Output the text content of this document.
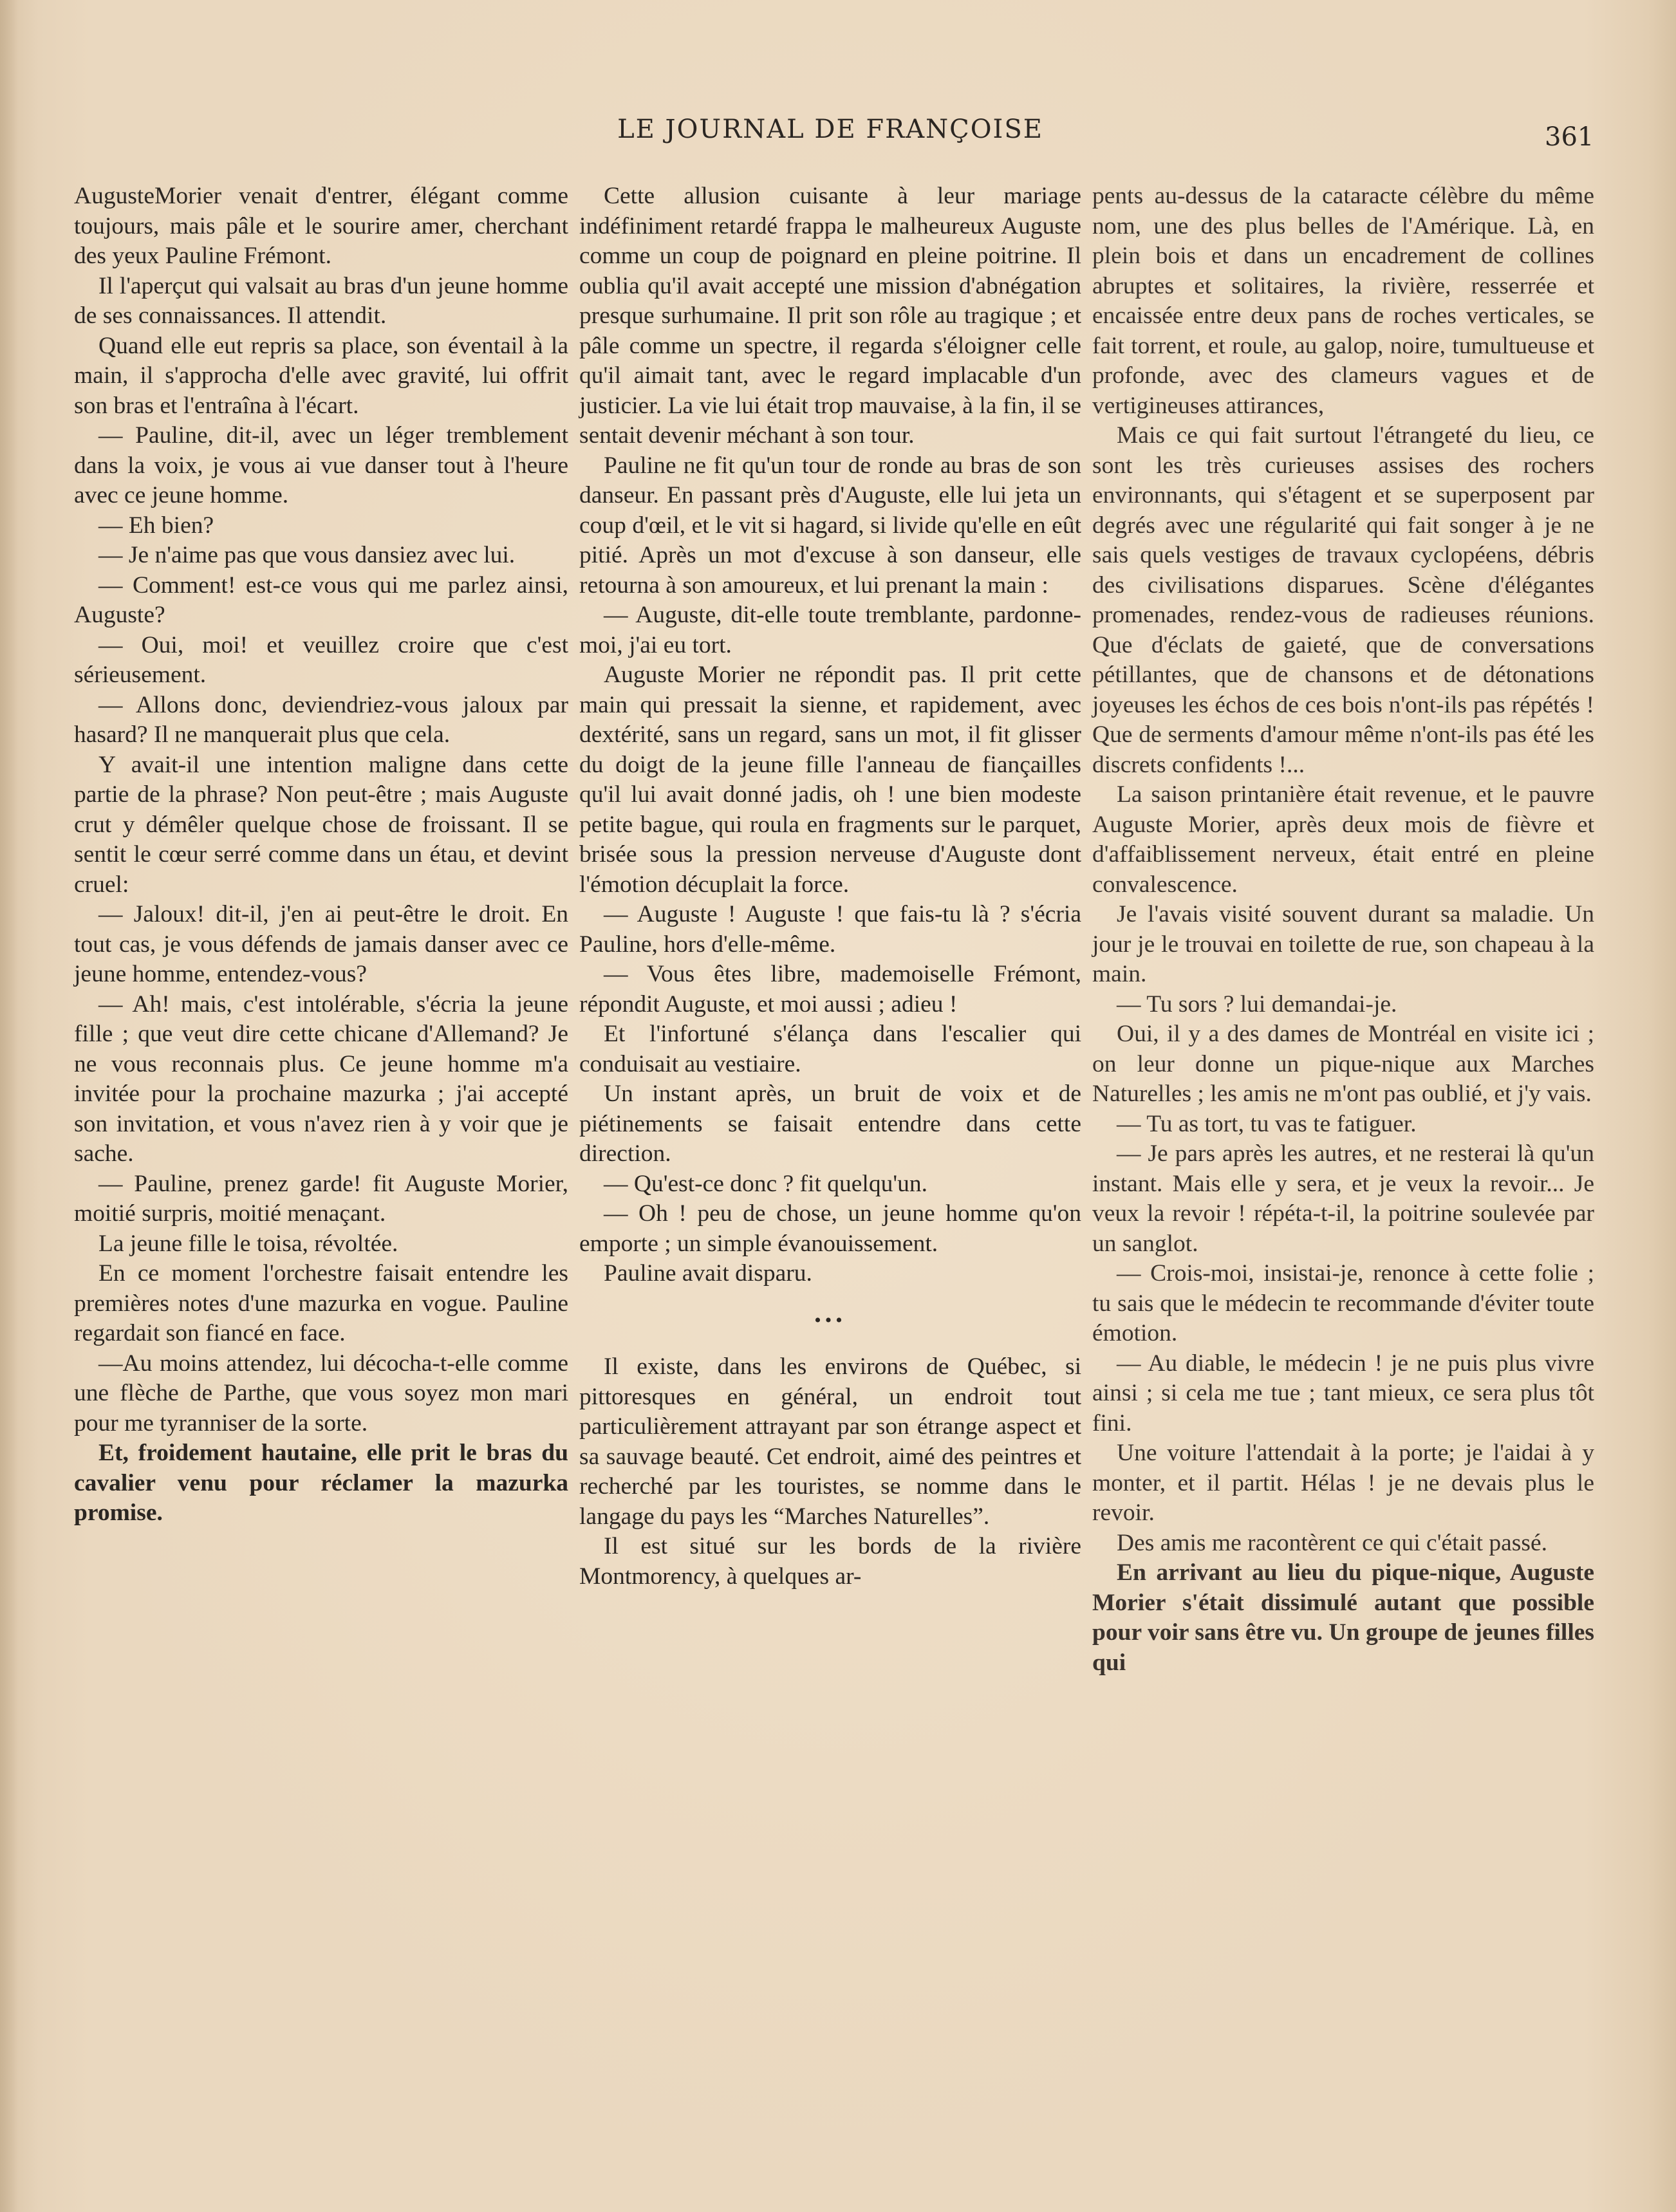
LE JOURNAL DE FRANÇOISE	361

AugusteMorier venait d'entrer, élégant comme toujours, mais pâle et le sourire amer, cherchant des yeux Pauline Frémont.

Il l'aperçut qui valsait au bras d'un jeune homme de ses connaissances. Il attendit.

Quand elle eut repris sa place, son éventail à la main, il s'approcha d'elle avec gravité, lui offrit son bras et l'entraîna à l'écart.

— Pauline, dit-il, avec un léger tremblement dans la voix, je vous ai vue danser tout à l'heure avec ce jeune homme.

— Eh bien?

— Je n'aime pas que vous dansiez avec lui.

— Comment! est-ce vous qui me parlez ainsi, Auguste?

— Oui, moi! et veuillez croire que c'est sérieusement.

— Allons donc, deviendriez-vous jaloux par hasard? Il ne manquerait plus que cela.

Y avait-il une intention maligne dans cette partie de la phrase? Non peut-être ; mais Auguste crut y démêler quelque chose de froissant. Il se sentit le cœur serré comme dans un étau, et devint cruel:

— Jaloux! dit-il, j'en ai peut-être le droit. En tout cas, je vous défends de jamais danser avec ce jeune homme, entendez-vous?

— Ah! mais, c'est intolérable, s'écria la jeune fille ; que veut dire cette chicane d'Allemand? Je ne vous reconnais plus. Ce jeune homme m'a invitée pour la prochaine mazurka ; j'ai accepté son invitation, et vous n'avez rien à y voir que je sache.

— Pauline, prenez garde! fit Auguste Morier, moitié surpris, moitié menaçant.

La jeune fille le toisa, révoltée.

En ce moment l'orchestre faisait entendre les premières notes d'une mazurka en vogue. Pauline regardait son fiancé en face.

—Au moins attendez, lui décocha-t-elle comme une flèche de Parthe, que vous soyez mon mari pour me tyranniser de la sorte.

Et, froidement hautaine, elle prit le bras du cavalier venu pour réclamer la mazurka promise.

Cette allusion cuisante à leur mariage indéfiniment retardé frappa le malheureux Auguste comme un coup de poignard en pleine poitrine. Il oublia qu'il avait accepté une mission d'abnégation presque surhumaine. Il prit son rôle au tragique ; et pâle comme un spectre, il regarda s'éloigner celle qu'il aimait tant, avec le regard implacable d'un justicier. La vie lui était trop mauvaise, à la fin, il se sentait devenir méchant à son tour.

Pauline ne fit qu'un tour de ronde au bras de son danseur. En passant près d'Auguste, elle lui jeta un coup d'œil, et le vit si hagard, si livide qu'elle en eût pitié. Après un mot d'excuse à son danseur, elle retourna à son amoureux, et lui prenant la main :

— Auguste, dit-elle toute tremblante, pardonne-moi, j'ai eu tort.

Auguste Morier ne répondit pas. Il prit cette main qui pressait la sienne, et rapidement, avec dextérité, sans un regard, sans un mot, il fit glisser du doigt de la jeune fille l'anneau de fiançailles qu'il lui avait donné jadis, oh ! une bien modeste petite bague, qui roula en fragments sur le parquet, brisée sous la pression nerveuse d'Auguste dont l'émotion décuplait la force.

— Auguste ! Auguste ! que fais-tu là ? s'écria Pauline, hors d'elle-même.

— Vous êtes libre, mademoiselle Frémont, répondit Auguste, et moi aussi ; adieu !

Et l'infortuné s'élança dans l'escalier qui conduisait au vestiaire.

Un instant après, un bruit de voix et de piétinements se faisait entendre dans cette direction.

— Qu'est-ce donc ? fit quelqu'un.

— Oh ! peu de chose, un jeune homme qu'on emporte ; un simple évanouissement.

Pauline avait disparu.

•••

Il existe, dans les environs de Québec, si pittoresques en général, un endroit tout particulièrement attrayant par son étrange aspect et sa sauvage beauté. Cet endroit, aimé des peintres et recherché par les touristes, se nomme dans le langage du pays les “Marches Naturelles”.

Il est situé sur les bords de la rivière Montmorency, à quelques ar-

pents au-dessus de la cataracte célèbre du même nom, une des plus belles de l'Amérique. Là, en plein bois et dans un encadrement de collines abruptes et solitaires, la rivière, resserrée et encaissée entre deux pans de roches verticales, se fait torrent, et roule, au galop, noire, tumultueuse et profonde, avec des clameurs vagues et de vertigineuses attirances,

Mais ce qui fait surtout l'étrangeté du lieu, ce sont les très curieuses assises des rochers environnants, qui s'étagent et se superposent par degrés avec une régularité qui fait songer à je ne sais quels vestiges de travaux cyclopéens, débris des civilisations disparues. Scène d'élégantes promenades, rendez-vous de radieuses réunions. Que d'éclats de gaieté, que de conversations pétillantes, que de chansons et de détonations joyeuses les échos de ces bois n'ont-ils pas répétés ! Que de serments d'amour même n'ont-ils pas été les discrets confidents !...

La saison printanière était revenue, et le pauvre Auguste Morier, après deux mois de fièvre et d'affaiblissement nerveux, était entré en pleine convalescence.

Je l'avais visité souvent durant sa maladie. Un jour je le trouvai en toilette de rue, son chapeau à la main.

— Tu sors ? lui demandai-je.

Oui, il y a des dames de Montréal en visite ici ; on leur donne un pique-nique aux Marches Naturelles ; les amis ne m'ont pas oublié, et j'y vais.

— Tu as tort, tu vas te fatiguer.

— Je pars après les autres, et ne resterai là qu'un instant. Mais elle y sera, et je veux la revoir... Je veux la revoir ! répéta-t-il, la poitrine soulevée par un sanglot.

— Crois-moi, insistai-je, renonce à cette folie ; tu sais que le médecin te recommande d'éviter toute émotion.

— Au diable, le médecin ! je ne puis plus vivre ainsi ; si cela me tue ; tant mieux, ce sera plus tôt fini.

Une voiture l'attendait à la porte; je l'aidai à y monter, et il partit. Hélas ! je ne devais plus le revoir.

Des amis me racontèrent ce qui c'était passé.

En arrivant au lieu du pique-nique, Auguste Morier s'était dissimulé autant que possible pour voir sans être vu. Un groupe de jeunes filles qui
